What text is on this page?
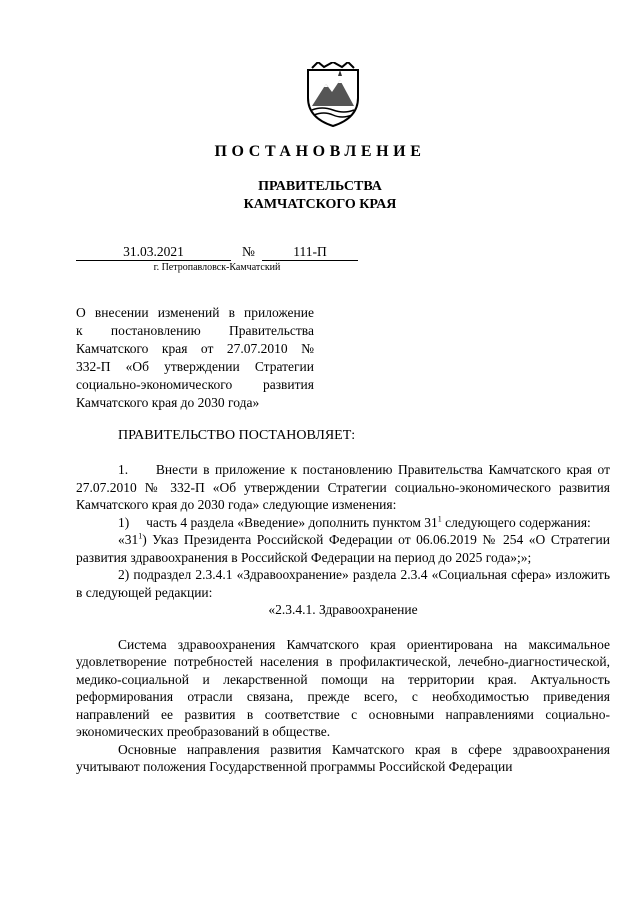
ПОСТАНОВЛЕНИЕ
ПРАВИТЕЛЬСТВА
КАМЧАТСКОГО КРАЯ
31.03.2021	№	111-П
г. Петропавловск-Камчатский
О внесении изменений в приложение
к постановлению Правительства
Камчатского края от 27.07.2010 №
332-П «Об утверждении Стратегии
социально-экономического развития
Камчатского края до 2030 года»
ПРАВИТЕЛЬСТВО ПОСТАНОВЛЯЕТ:

1.     Внести в приложение к постановлению Правительства Камчатского края от 27.07.2010 № 332-П «Об утверждении Стратегии социально-экономического развития Камчатского края до 2030 года» следующие изменения:

1)     часть 4 раздела «Введение» дополнить пунктом $31^1$ следующего содержания:

«$31^1$) Указ Президента Российской Федерации от 06.06.2019 № 254 «О Стратегии развития здравоохранения в Российской Федерации на период до 2025 года»;»;

2) подраздел 2.3.4.1 «Здравоохранение» раздела 2.3.4 «Социальная сфера» изложить в следующей редакции:

«2.3.4.1. Здравоохранение

Система здравоохранения Камчатского края ориентирована на максимальное удовлетворение потребностей населения в профилактической, лечебно-диагностической, медико-социальной и лекарственной помощи на территории края. Актуальность реформирования отрасли связана, прежде всего, с необходимостью приведения направлений ее развития в соответствие с основными направлениями социально-экономических преобразований в обществе.

Основные направления развития Камчатского края в сфере здравоохранения учитывают положения Государственной программы Российской Федерации
